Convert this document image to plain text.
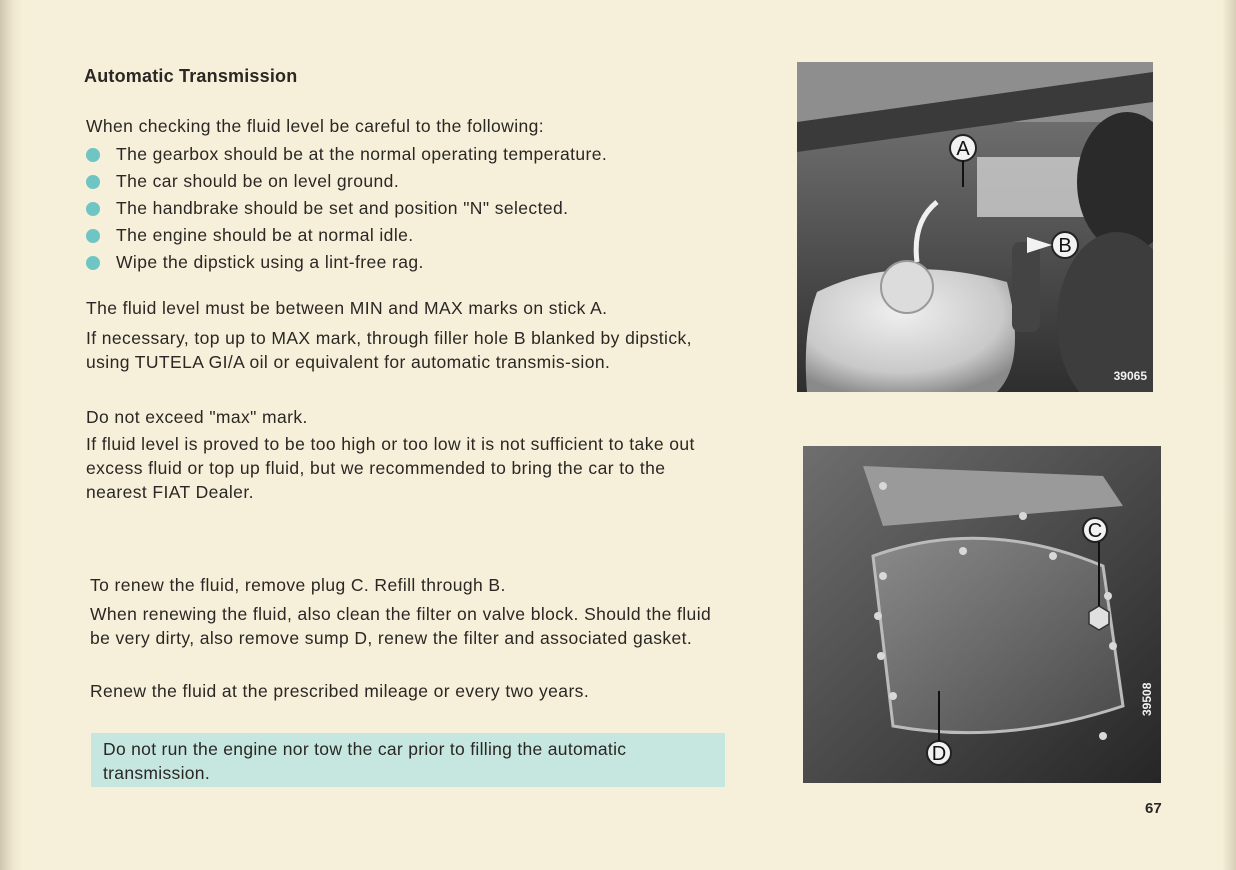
Automatic Transmission
When checking the fluid level be careful to the following:
The gearbox should be at the normal operating temperature.
The car should be on level ground.
The handbrake should be set and position "N" selected.
The engine should be at normal idle.
Wipe the dipstick using a lint-free rag.
The fluid level must be between MIN and MAX marks on stick A.
If necessary, top up to MAX mark, through filler hole B blanked by dipstick, using TUTELA GI/A oil or equivalent for automatic transmis-sion.
Do not exceed "max" mark.
If fluid level is proved to be too high or too low it is not sufficient to take out excess fluid or top up fluid, but we recommended to bring the car to the nearest FIAT Dealer.
To renew the fluid, remove plug C. Refill through B.
When renewing the fluid, also clean the filter on valve block. Should the fluid be very dirty, also remove sump D, renew the filter and associated gasket.
Renew the fluid at the prescribed mileage or every two years.
Do not run the engine nor tow the car prior to filling the automatic transmission.
A
B
39065
C
D
39508
67
